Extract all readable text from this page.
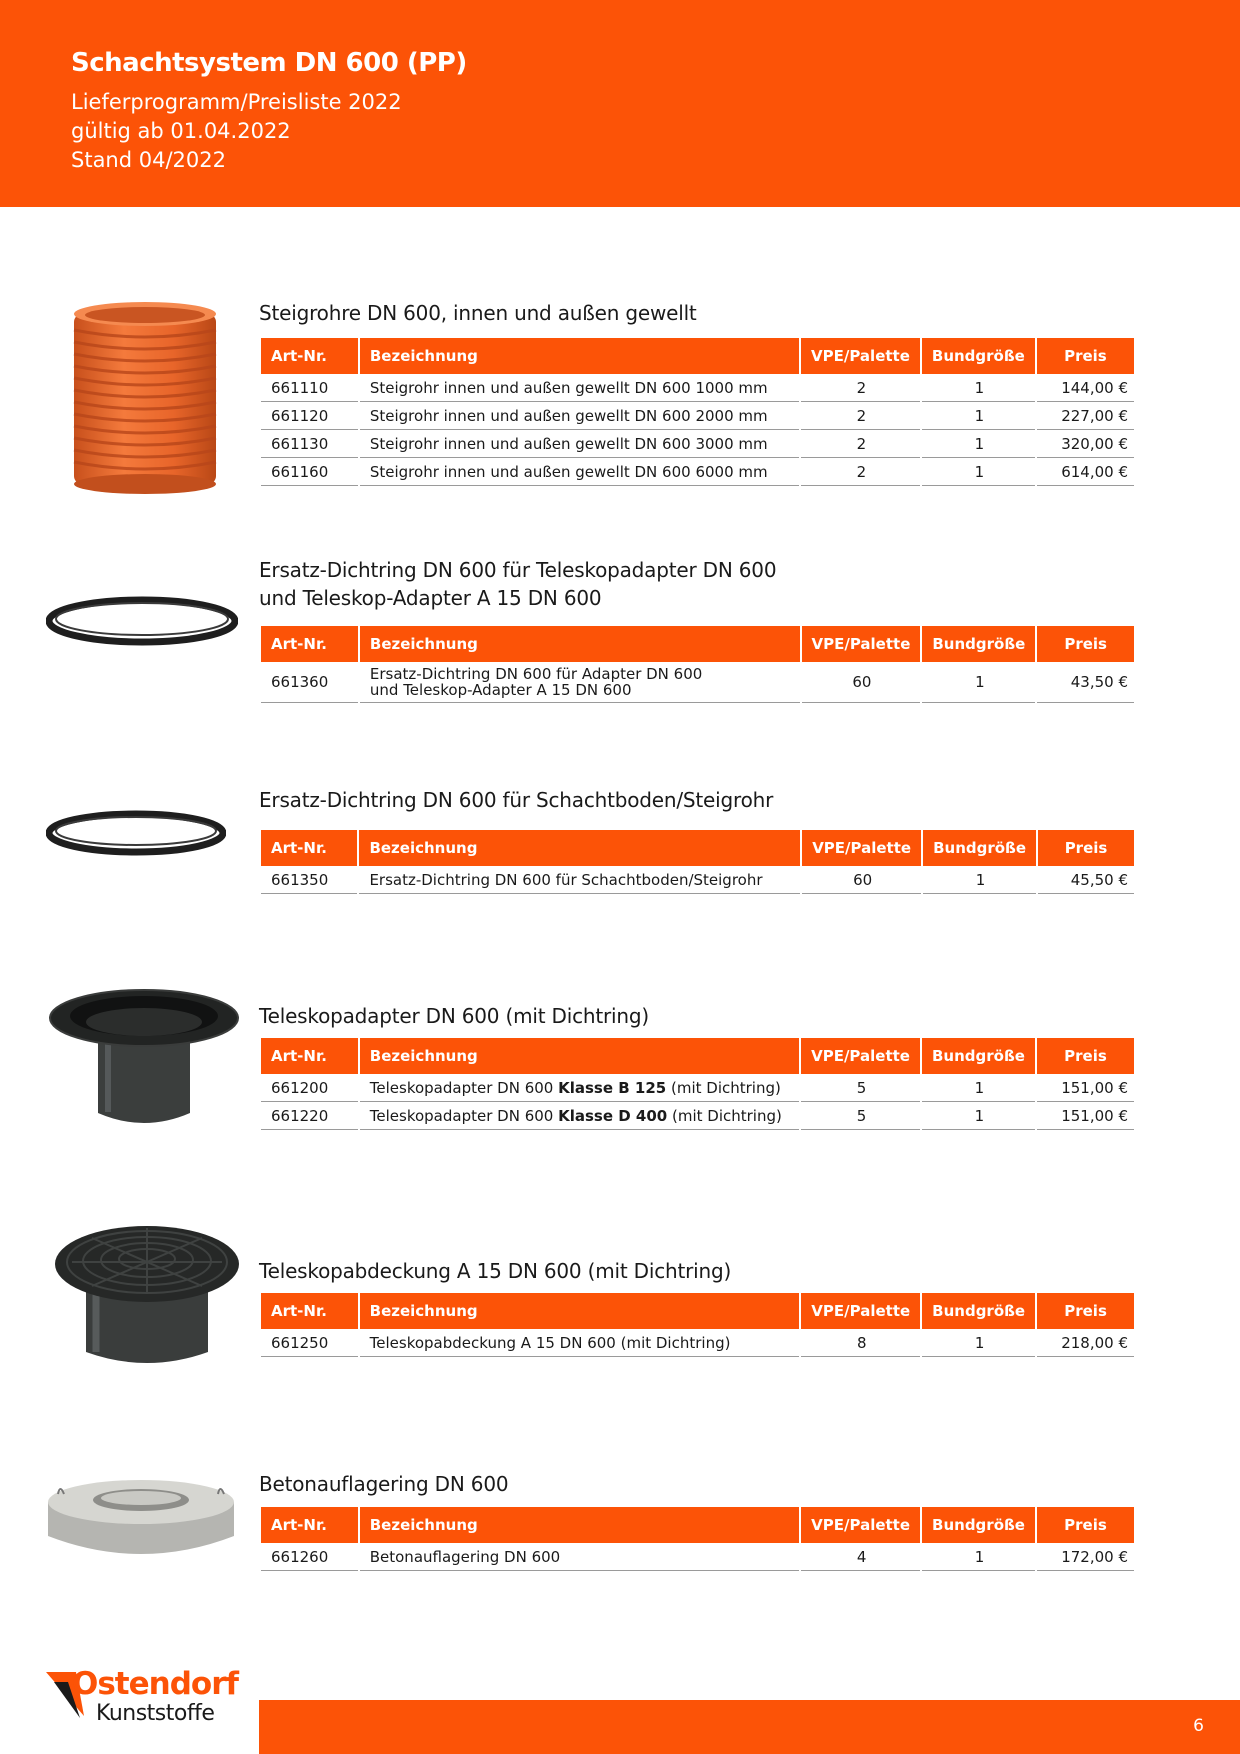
Schachtsystem DN 600 (PP)

Lieferprogramm/Preisliste 2022

gültig ab 01.04.2022

Stand 04/2022

Steigrohre DN 600, innen und außen gewellt
Art-Nr.	Bezeichnung	VPE/Palette	Bundgröße	Preis
661110	Steigrohr innen und außen gewellt DN 600 1000 mm	2	1	144,00 €
661120	Steigrohr innen und außen gewellt DN 600 2000 mm	2	1	227,00 €
661130	Steigrohr innen und außen gewellt DN 600 3000 mm	2	1	320,00 €
661160	Steigrohr innen und außen gewellt DN 600 6000 mm	2	1	614,00 €
Ersatz-Dichtring DN 600 für Teleskopadapter DN 600
und Teleskop-Adapter A 15 DN 600
Art-Nr.	Bezeichnung	VPE/Palette	Bundgröße	Preis
661360	Ersatz-Dichtring DN 600 für Adapter DN 600
und Teleskop-Adapter A 15 DN 600	60	1	43,50 €
Ersatz-Dichtring DN 600 für Schachtboden/Steigrohr
Art-Nr.	Bezeichnung	VPE/Palette	Bundgröße	Preis
661350	Ersatz-Dichtring DN 600 für Schachtboden/Steigrohr	60	1	45,50 €
Teleskopadapter DN 600 (mit Dichtring)
Art-Nr.	Bezeichnung	VPE/Palette	Bundgröße	Preis
661200	Teleskopadapter DN 600 Klasse B 125 (mit Dichtring)	5	1	151,00 €
661220	Teleskopadapter DN 600 Klasse D 400 (mit Dichtring)	5	1	151,00 €
Teleskopabdeckung A 15 DN 600 (mit Dichtring)
Art-Nr.	Bezeichnung	VPE/Palette	Bundgröße	Preis
661250	Teleskopabdeckung A 15 DN 600 (mit Dichtring)	8	1	218,00 €
Betonauflagering DN 600
Art-Nr.	Bezeichnung	VPE/Palette	Bundgröße	Preis
661260	Betonauflagering DN 600	4	1	172,00 €
Ostendorf
Kunststoffe	6
